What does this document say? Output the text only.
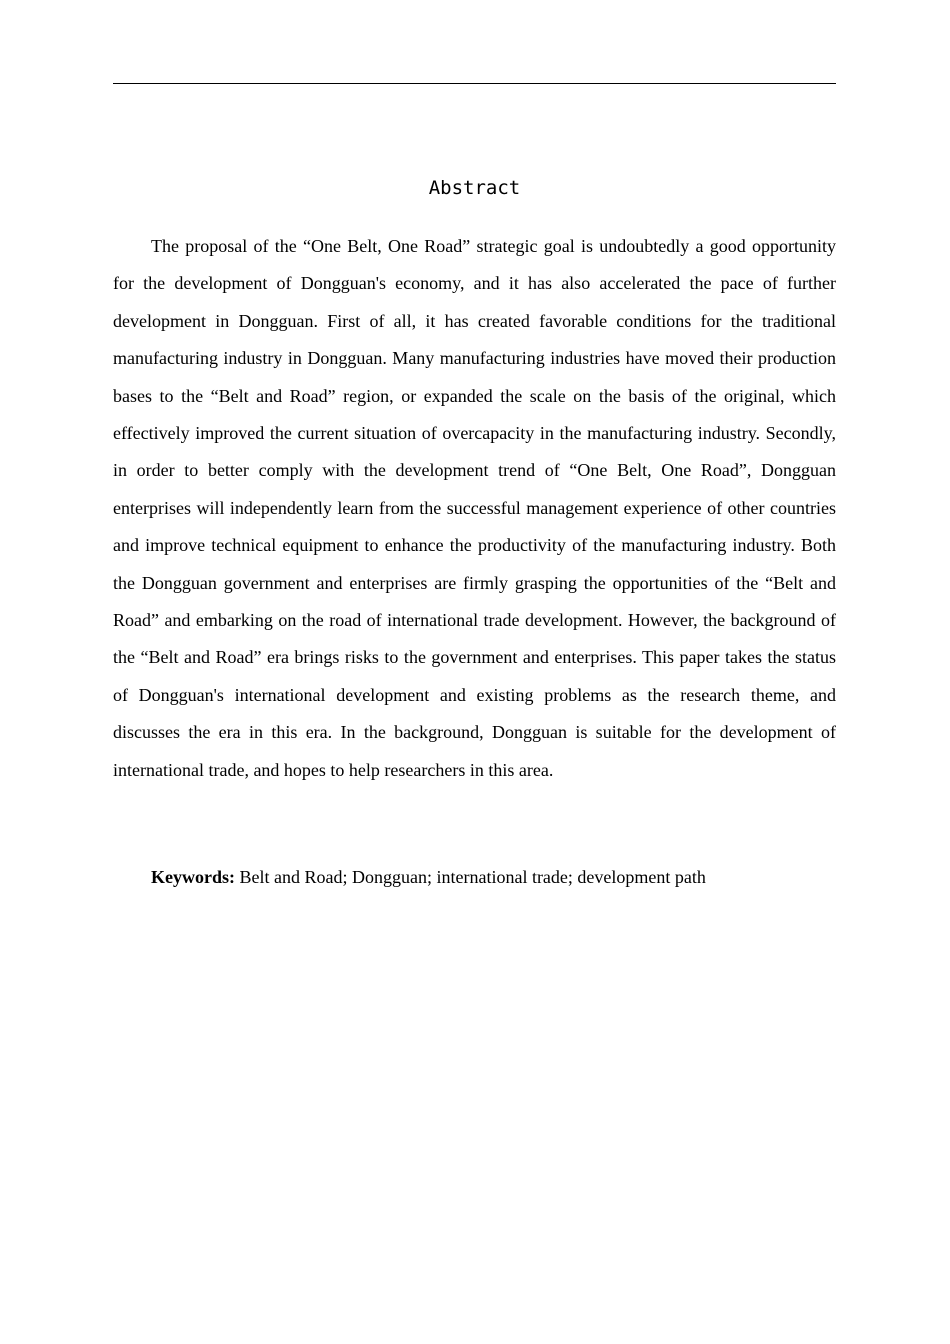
Abstract

The proposal of the “One Belt, One Road” strategic goal is undoubtedly a good opportunity for the development of Dongguan's economy, and it has also accelerated the pace of further development in Dongguan. First of all, it has created favorable conditions for the traditional manufacturing industry in Dongguan. Many manufacturing industries have moved their production bases to the “Belt and Road” region, or expanded the scale on the basis of the original, which effectively improved the current situation of overcapacity in the manufacturing industry. Secondly, in order to better comply with the development trend of “One Belt, One Road”, Dongguan enterprises will independently learn from the successful management experience of other countries and improve technical equipment to enhance the productivity of the manufacturing industry. Both the Dongguan government and enterprises are firmly grasping the opportunities of the “Belt and Road” and embarking on the road of international trade development. However, the background of the “Belt and Road” era brings risks to the government and enterprises. This paper takes the status of Dongguan's international development and existing problems as the research theme, and discusses the era in this era. In the background, Dongguan is suitable for the development of international trade, and hopes to help researchers in this area.

Keywords: Belt and Road; Dongguan; international trade; development path
